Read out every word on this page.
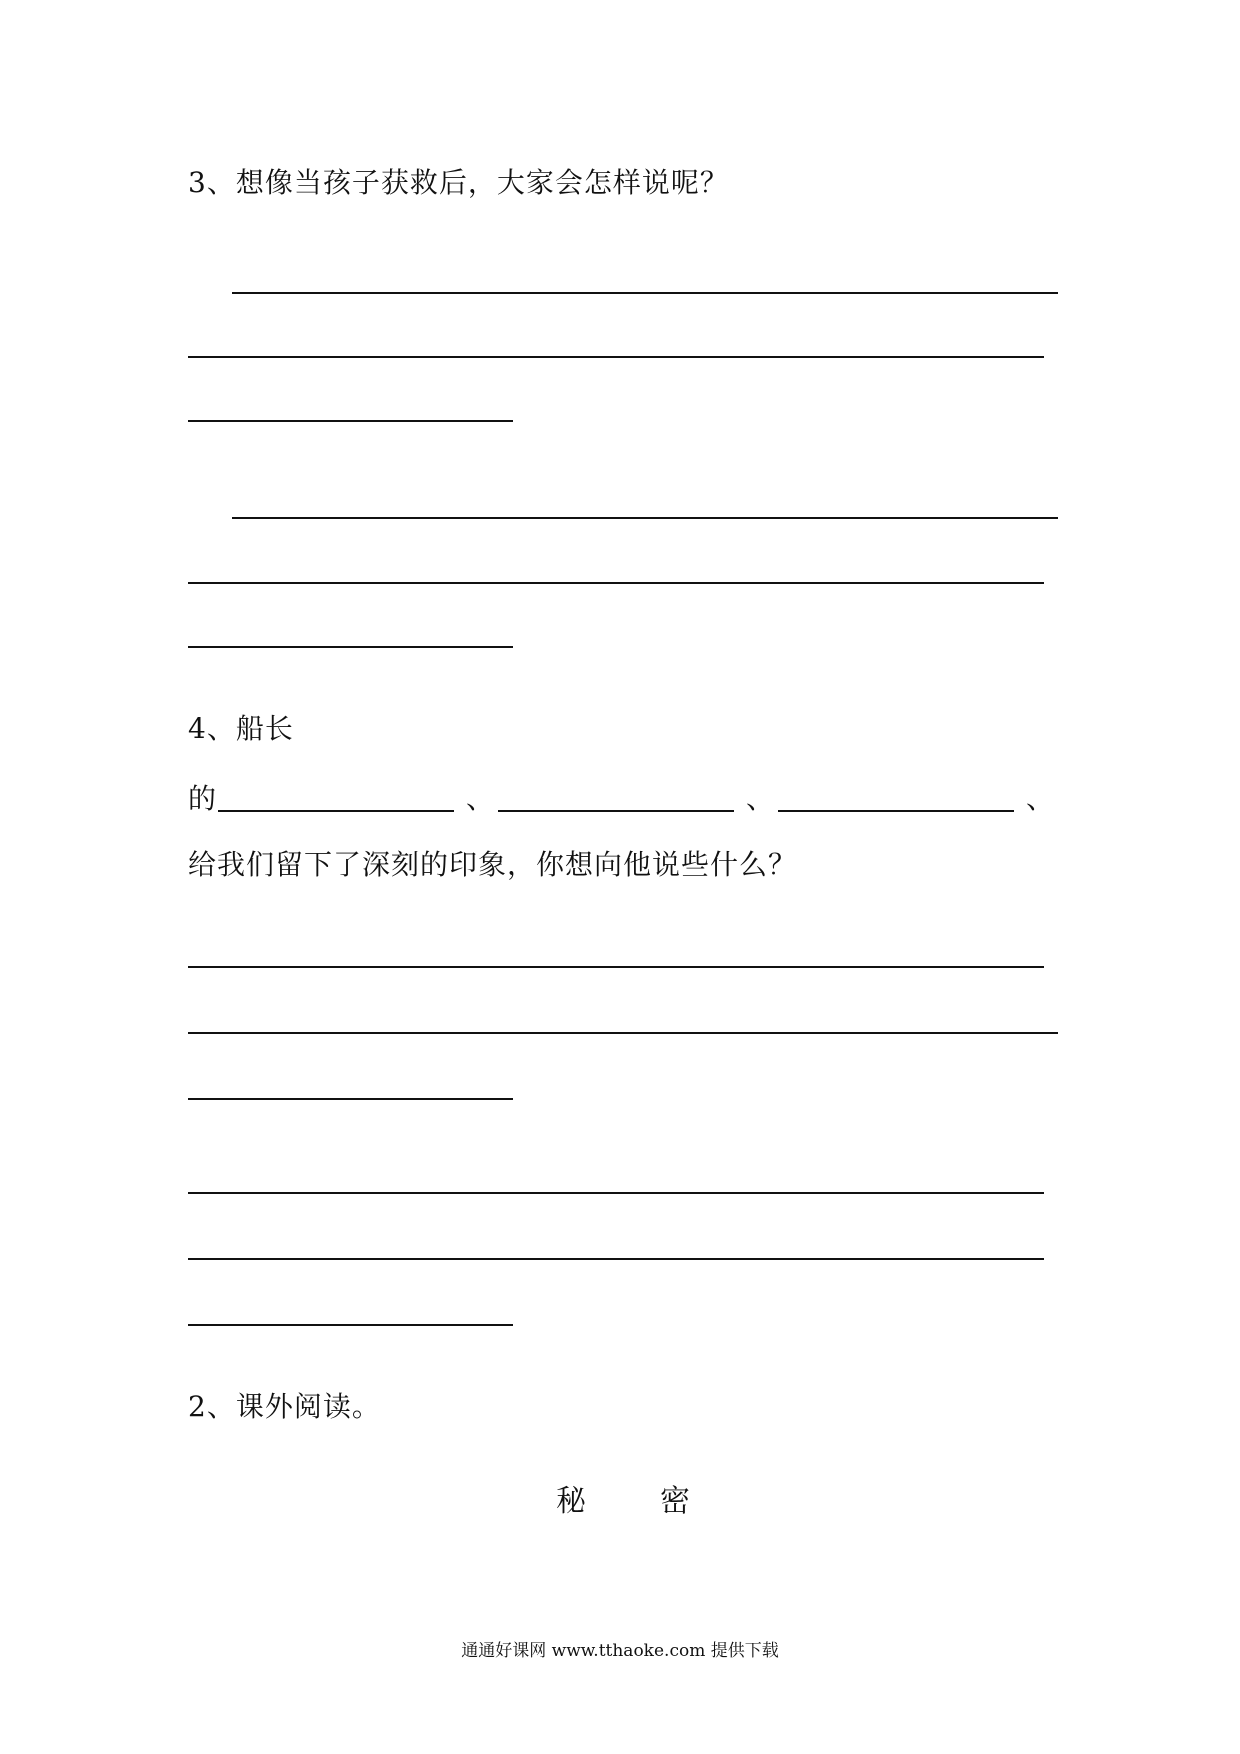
3、想像当孩子获救后，大家会怎样说呢？
4、船长
的	、	、	、
给我们留下了深刻的印象，你想向他说些什么？
2、课外阅读。
秘 密
通通好课网 www.tthaoke.com 提供下载
